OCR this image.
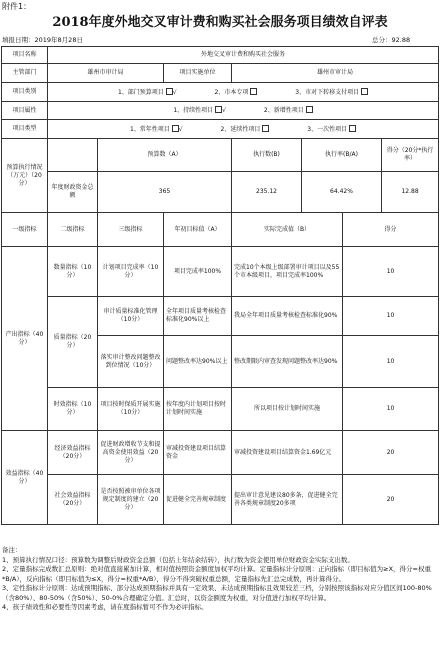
附件1：
2018年度外地交叉审计费和购买社会服务项目绩效自评表
填报日期：2019年8月28日	总分：92.88
项目名称	外地交叉审计费和购买社会服务						
主管部门	雄州市审计局		项目实施单位	雄州市审计局			
项目类别	1、部门预算项目 √ 2、市本专项 3、市对下转移支付项目						
项目属性	1、持续性项目 √ 2、新增性项目						
项目类型	1、常年性项目 √ 2、延续性项目 3、一次性项目						
预算执行情况（万元）（20分）		预算数（A）		执行数(B)	执行率(B/A)		得分（20分*执行率）
	年度财政资金总额	365		235.12	64.42%		12.88
一级指标	二级指标	三级指标	年初目标值（A）	实际完成值（B）		得分	
产出指标（40分）	数量指标（10分）	计划项目完成率（10分）	项目完成率100%	完成10个本级上级部署审计项目以及55个市本级项目，项目完成率100%		10	
	质量指标（20分）	审计质量标准化管理（10分）	全年项目质量考核检查标准化90%以上	我局全年项目质量考核检查标准化90%		10	
		落实审计整改问题整改到位情况（10分）	问题整改率达90%以上	整改期限内审查发现问题整改率达90%		10	
	时效指标（10分）	项目按时保质开展实施（10分）	按年度内计划项目按时计划时间实施	所以项目按计划时间实施		10	
效益指标（40分）	经济效益指标（20分）	促进财政增收节支和提高资金使用效益（20分）	审减投资建设项目结算资金	审减投资建设项目结算资金1.69亿元		20	
	社会效益指标（20分）	是否按照被审单位各项规定制度的建立（20分）	促进健全完善规章制度	提出审计意见建议80多条，促进健全完善各类规章制度20多项		20	
备注：
1、预算执行情况口径：预算数为调整后财政资金总额（包括上年结余结转），执行数为资金使用单位财政资金实际支出数。
2、定量指标完成数汇总原则：绝对值直接累加计算，相对值按照资金额度加权平均计算。定量指标计分原则：正向指标（即目标值为≥X，得分=权重*B/A），反向指标（即目标值为≤X，得分=权重*A/B），得分不得突破权重总额，定量指标先汇总完成数，再计算得分。
3、定性指标计分原则：达成预期指标、部分达成预期指标并具有一定效果、未达成预期指标且效果较差三档，分别按照该指标对应分值区间100-80%（含80%）、80-50%（含50%）、50-0%合理确定分值。汇总时，以资金额度为权重，对分值进行加权平均计算。
4、孩子绩效性和必要性等因素考虑，请在度指标暂可不作为必评指标。
